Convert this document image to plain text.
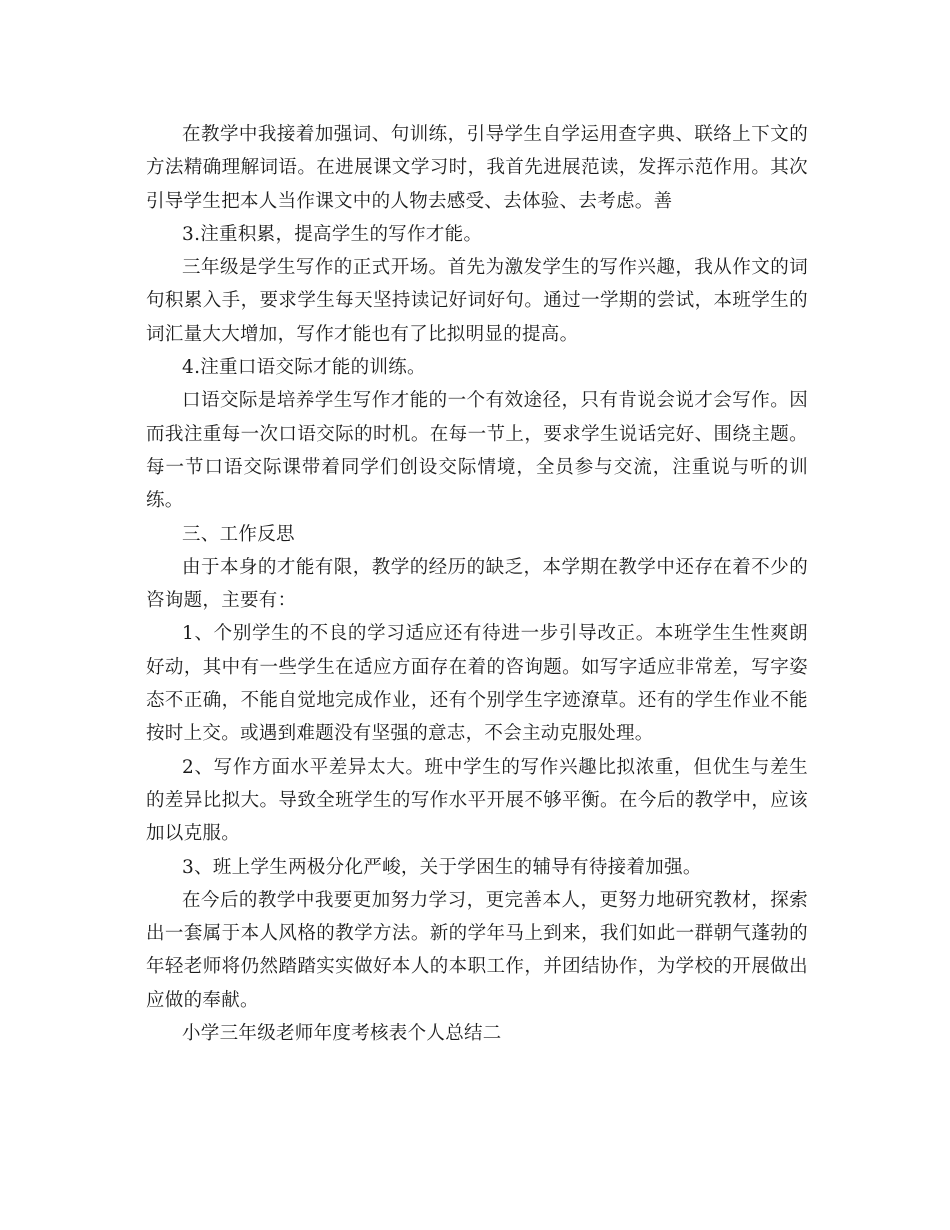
在教学中我接着加强词、句训练，引导学生自学运用查字典、联络上下文的方法精确理解词语。在进展课文学习时，我首先进展范读，发挥示范作用。其次引导学生把本人当作课文中的人物去感受、去体验、去考虑。善

3.注重积累，提高学生的写作才能。

三年级是学生写作的正式开场。首先为激发学生的写作兴趣，我从作文的词句积累入手，要求学生每天坚持读记好词好句。通过一学期的尝试，本班学生的词汇量大大增加，写作才能也有了比拟明显的提高。

4.注重口语交际才能的训练。

口语交际是培养学生写作才能的一个有效途径，只有肯说会说才会写作。因而我注重每一次口语交际的时机。在每一节上，要求学生说话完好、围绕主题。每一节口语交际课带着同学们创设交际情境，全员参与交流，注重说与听的训练。

三、工作反思

由于本身的才能有限，教学的经历的缺乏，本学期在教学中还存在着不少的咨询题，主要有：

1、个别学生的不良的学习适应还有待进一步引导改正。本班学生生性爽朗好动，其中有一些学生在适应方面存在着的咨询题。如写字适应非常差，写字姿态不正确，不能自觉地完成作业，还有个别学生字迹潦草。还有的学生作业不能按时上交。或遇到难题没有坚强的意志，不会主动克服处理。

2、写作方面水平差异太大。班中学生的写作兴趣比拟浓重，但优生与差生的差异比拟大。导致全班学生的写作水平开展不够平衡。在今后的教学中，应该加以克服。

3、班上学生两极分化严峻，关于学困生的辅导有待接着加强。

在今后的教学中我要更加努力学习，更完善本人，更努力地研究教材，探索出一套属于本人风格的教学方法。新的学年马上到来，我们如此一群朝气蓬勃的年轻老师将仍然踏踏实实做好本人的本职工作，并团结协作，为学校的开展做出应做的奉献。

小学三年级老师年度考核表个人总结二
